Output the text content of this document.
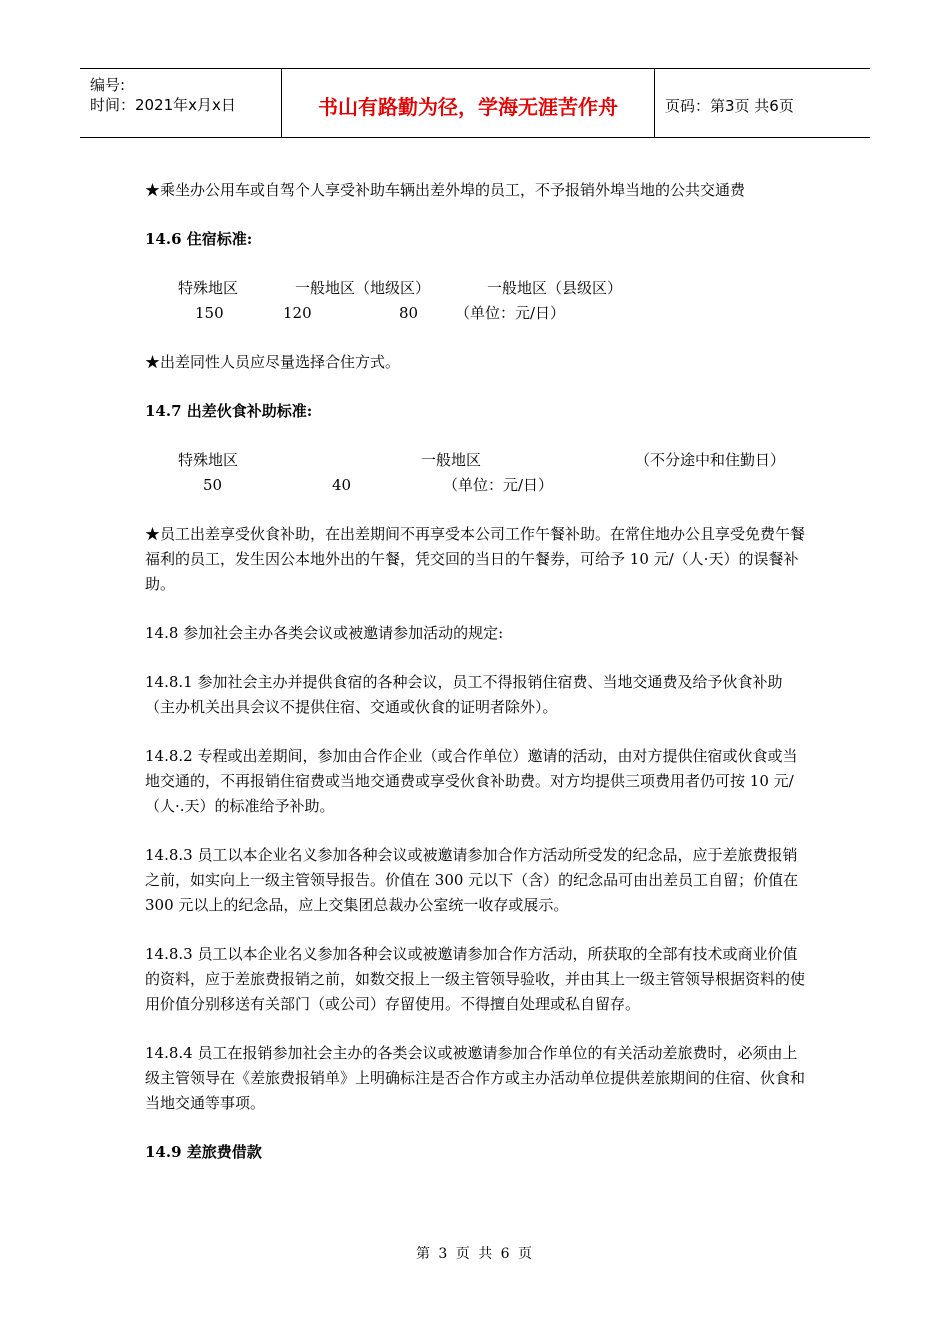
编号:
时间：2021年x月x日	书山有路勤为径，学海无涯苦作舟	页码：第3页 共6页

★乘坐办公用车或自驾个人享受补助车辆出差外埠的员工，不予报销外埠当地的公共交通费

14.6 住宿标准:

特殊地区	一般地区（地级区）	一般地区（县级区）
150	120	80 （单位：元/日）

★出差同性人员应尽量选择合住方式。

14.7 出差伙食补助标准:

特殊地区	一般地区	（不分途中和住勤日）
50	40	（单位：元/日）

★员工出差享受伙食补助，在出差期间不再享受本公司工作午餐补助。在常住地办公且享受免费午餐福利的员工，发生因公本地外出的午餐，凭交回的当日的午餐券，可给予 10 元/（人·天）的误餐补助。

14.8 参加社会主办各类会议或被邀请参加活动的规定:

14.8.1 参加社会主办并提供食宿的各种会议，员工不得报销住宿费、当地交通费及给予伙食补助（主办机关出具会议不提供住宿、交通或伙食的证明者除外）。

14.8.2 专程或出差期间，参加由合作企业（或合作单位）邀请的活动，由对方提供住宿或伙食或当地交通的，不再报销住宿费或当地交通费或享受伙食补助费。对方均提供三项费用者仍可按 10 元/（人·.天）的标准给予补助。

14.8.3 员工以本企业名义参加各种会议或被邀请参加合作方活动所受发的纪念品，应于差旅费报销之前，如实向上一级主管领导报告。价值在 300 元以下（含）的纪念品可由出差员工自留；价值在 300 元以上的纪念品，应上交集团总裁办公室统一收存或展示。

14.8.3 员工以本企业名义参加各种会议或被邀请参加合作方活动，所获取的全部有技术或商业价值的资料，应于差旅费报销之前，如数交报上一级主管领导验收，并由其上一级主管领导根据资料的使用价值分别移送有关部门（或公司）存留使用。不得擅自处理或私自留存。

14.8.4 员工在报销参加社会主办的各类会议或被邀请参加合作单位的有关活动差旅费时，必须由上级主管领导在《差旅费报销单》上明确标注是否合作方或主办活动单位提供差旅期间的住宿、伙食和当地交通等事项。

14.9 差旅费借款

第 3 页 共 6 页
